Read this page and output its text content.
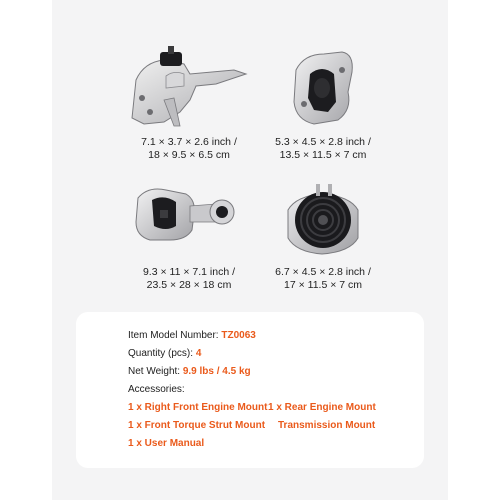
7.1 × 3.7 × 2.6 inch /
18 × 9.5 × 6.5 cm
5.3 × 4.5 × 2.8 inch /
13.5 × 11.5 × 7 cm
9.3 × 11 × 7.1 inch /
23.5 × 28 × 18 cm
6.7 × 4.5 × 2.8 inch /
17 × 11.5 × 7 cm
Item Model Number: TZ0063
Quantity (pcs): 4
Net Weight: 9.9 lbs / 4.5 kg
Accessories:
1 x Right Front Engine Mount 1 x Rear Engine Mount
1 x Front Torque Strut Mount Transmission Mount
1 x User Manual
